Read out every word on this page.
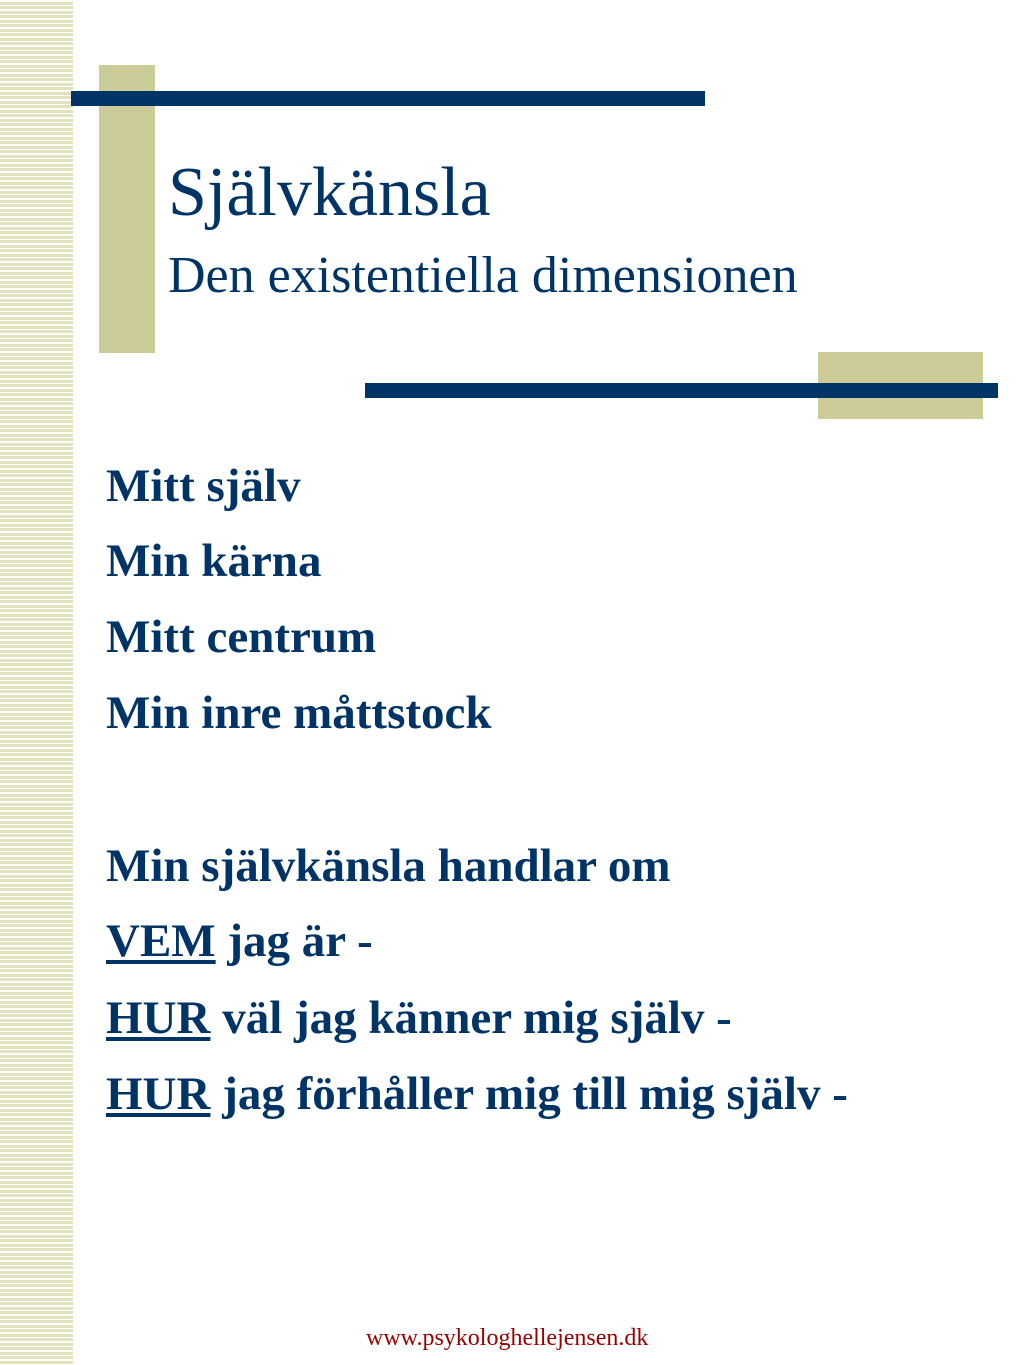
Självkänsla
Den existentiella dimensionen

Mitt själv

Min kärna

Mitt centrum

Min inre måttstock

Min självkänsla handlar om

VEM jag är -

HUR väl jag känner mig själv -

HUR jag förhåller mig till mig själv -

www.psykologhellejensen.dk
